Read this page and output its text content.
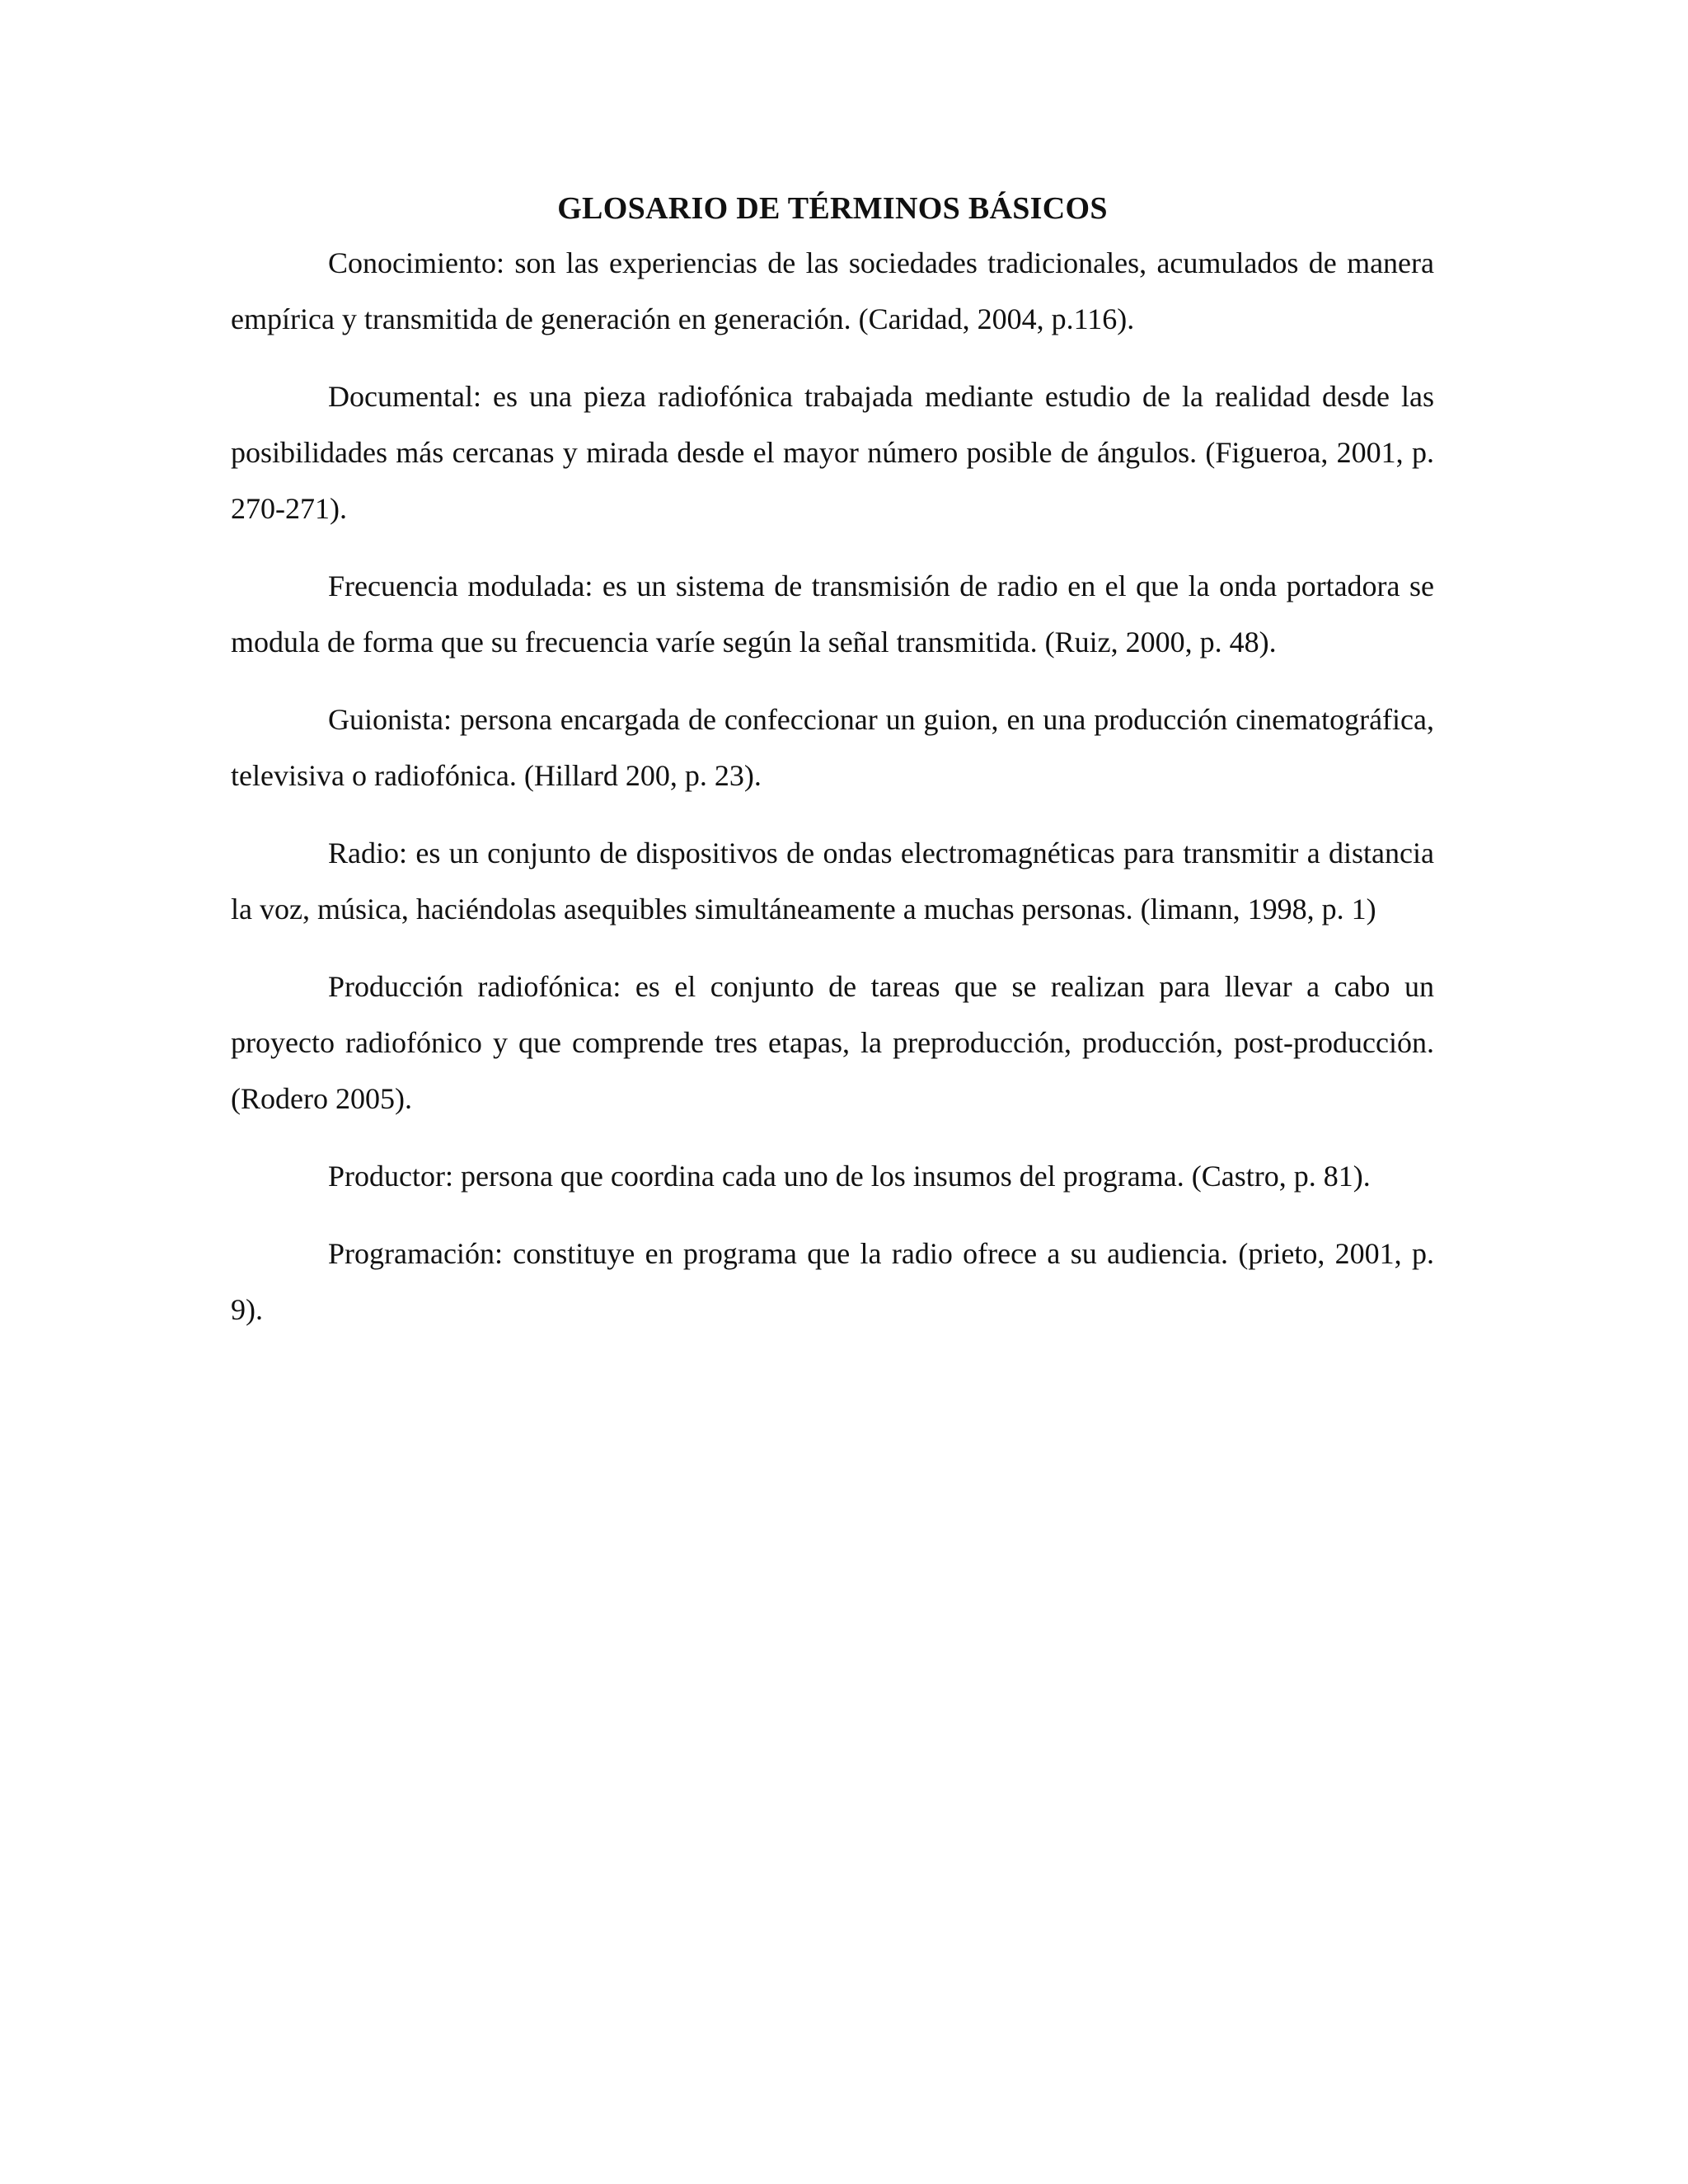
GLOSARIO DE TÉRMINOS BÁSICOS

Conocimiento: son las experiencias de las sociedades tradicionales, acumulados de manera empírica y transmitida de generación en generación. (Caridad, 2004, p.116).

Documental: es una pieza radiofónica trabajada mediante estudio de la realidad desde las posibilidades más cercanas y mirada desde el mayor número posible de ángulos. (Figueroa, 2001, p. 270-271).

Frecuencia modulada: es un sistema de transmisión de radio en el que la onda portadora se modula de forma que su frecuencia varíe según la señal transmitida. (Ruiz, 2000, p. 48).

Guionista: persona encargada de confeccionar un guion, en una producción cinematográfica, televisiva o radiofónica. (Hillard 200, p. 23).

Radio: es un conjunto de dispositivos de ondas electromagnéticas para transmitir a distancia la voz, música, haciéndolas asequibles simultáneamente a muchas personas. (limann, 1998, p. 1)

Producción radiofónica: es el conjunto de tareas que se realizan para llevar a cabo un proyecto radiofónico y que comprende tres etapas, la preproducción, producción, post-producción. (Rodero 2005).

Productor: persona que coordina cada uno de los insumos del programa. (Castro, p. 81).

Programación: constituye en programa que la radio ofrece a su audiencia. (prieto, 2001, p. 9).
